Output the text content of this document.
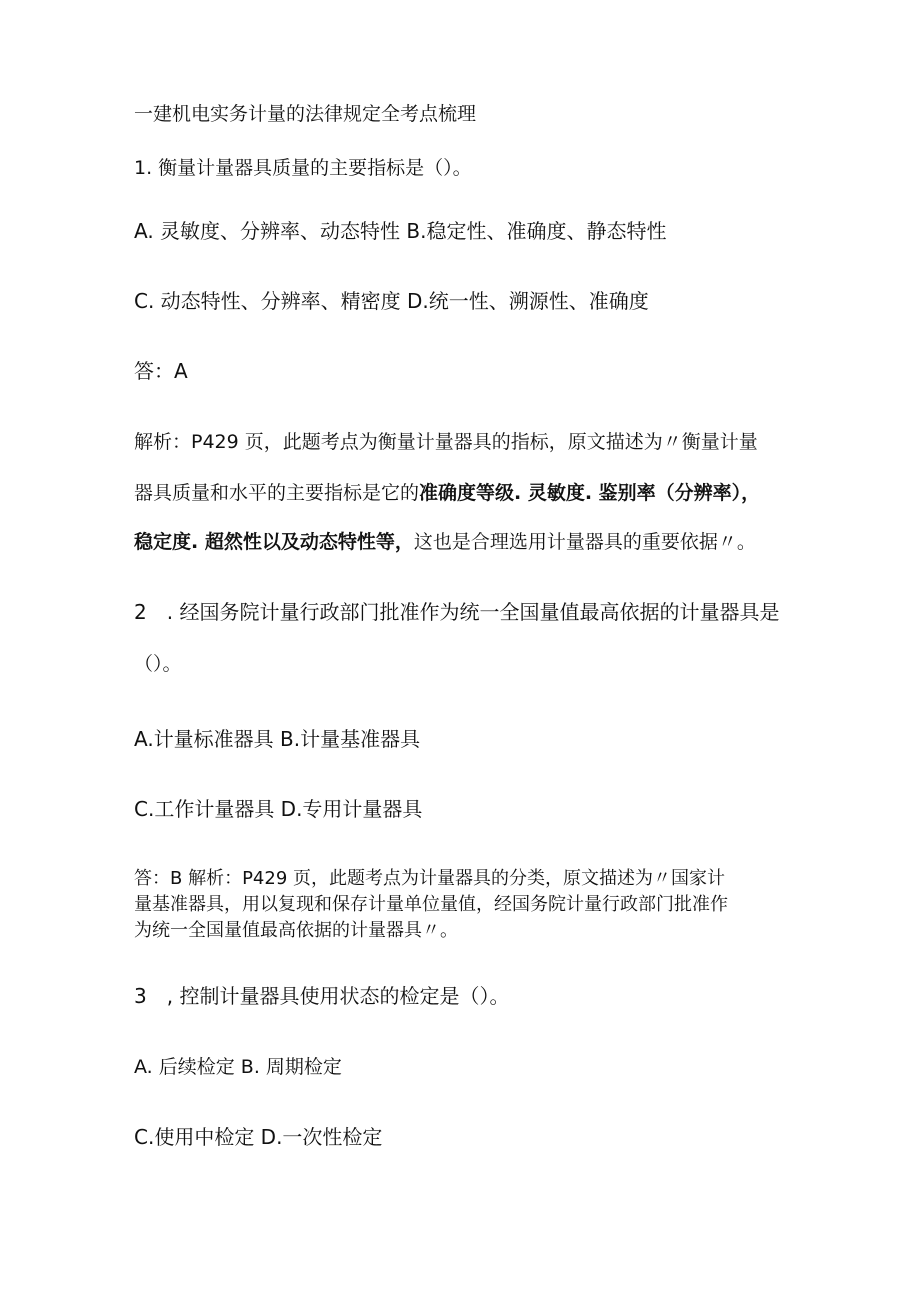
一建机电实务计量的法律规定全考点梳理

1. 衡量计量器具质量的主要指标是（）。

A. 灵敏度、分辨率、动态特性 B.稳定性、准确度、静态特性

C. 动态特性、分辨率、精密度 D.统一性、溯源性、准确度

答：A

解析：P429 页，此题考点为衡量计量器具的指标，原文描述为〃衡量计量

器具质量和水平的主要指标是它的准确度等级. 灵敏度. 鉴别率（分辨率），

稳定度. 超然性以及动态特性等，这也是合理选用计量器具的重要依据〃。

2　. 经国务院计量行政部门批准作为统一全国量值最高依据的计量器具是

（）。

A.计量标准器具 B.计量基准器具

C.工作计量器具 D.专用计量器具

答：B 解析：P429 页，此题考点为计量器具的分类，原文描述为〃国家计

量基准器具，用以复现和保存计量单位量值，经国务院计量行政部门批准作

为统一全国量值最高依据的计量器具〃。

3　, 控制计量器具使用状态的检定是（）。

A. 后续检定 B. 周期检定

C.使用中检定 D.一次性检定
